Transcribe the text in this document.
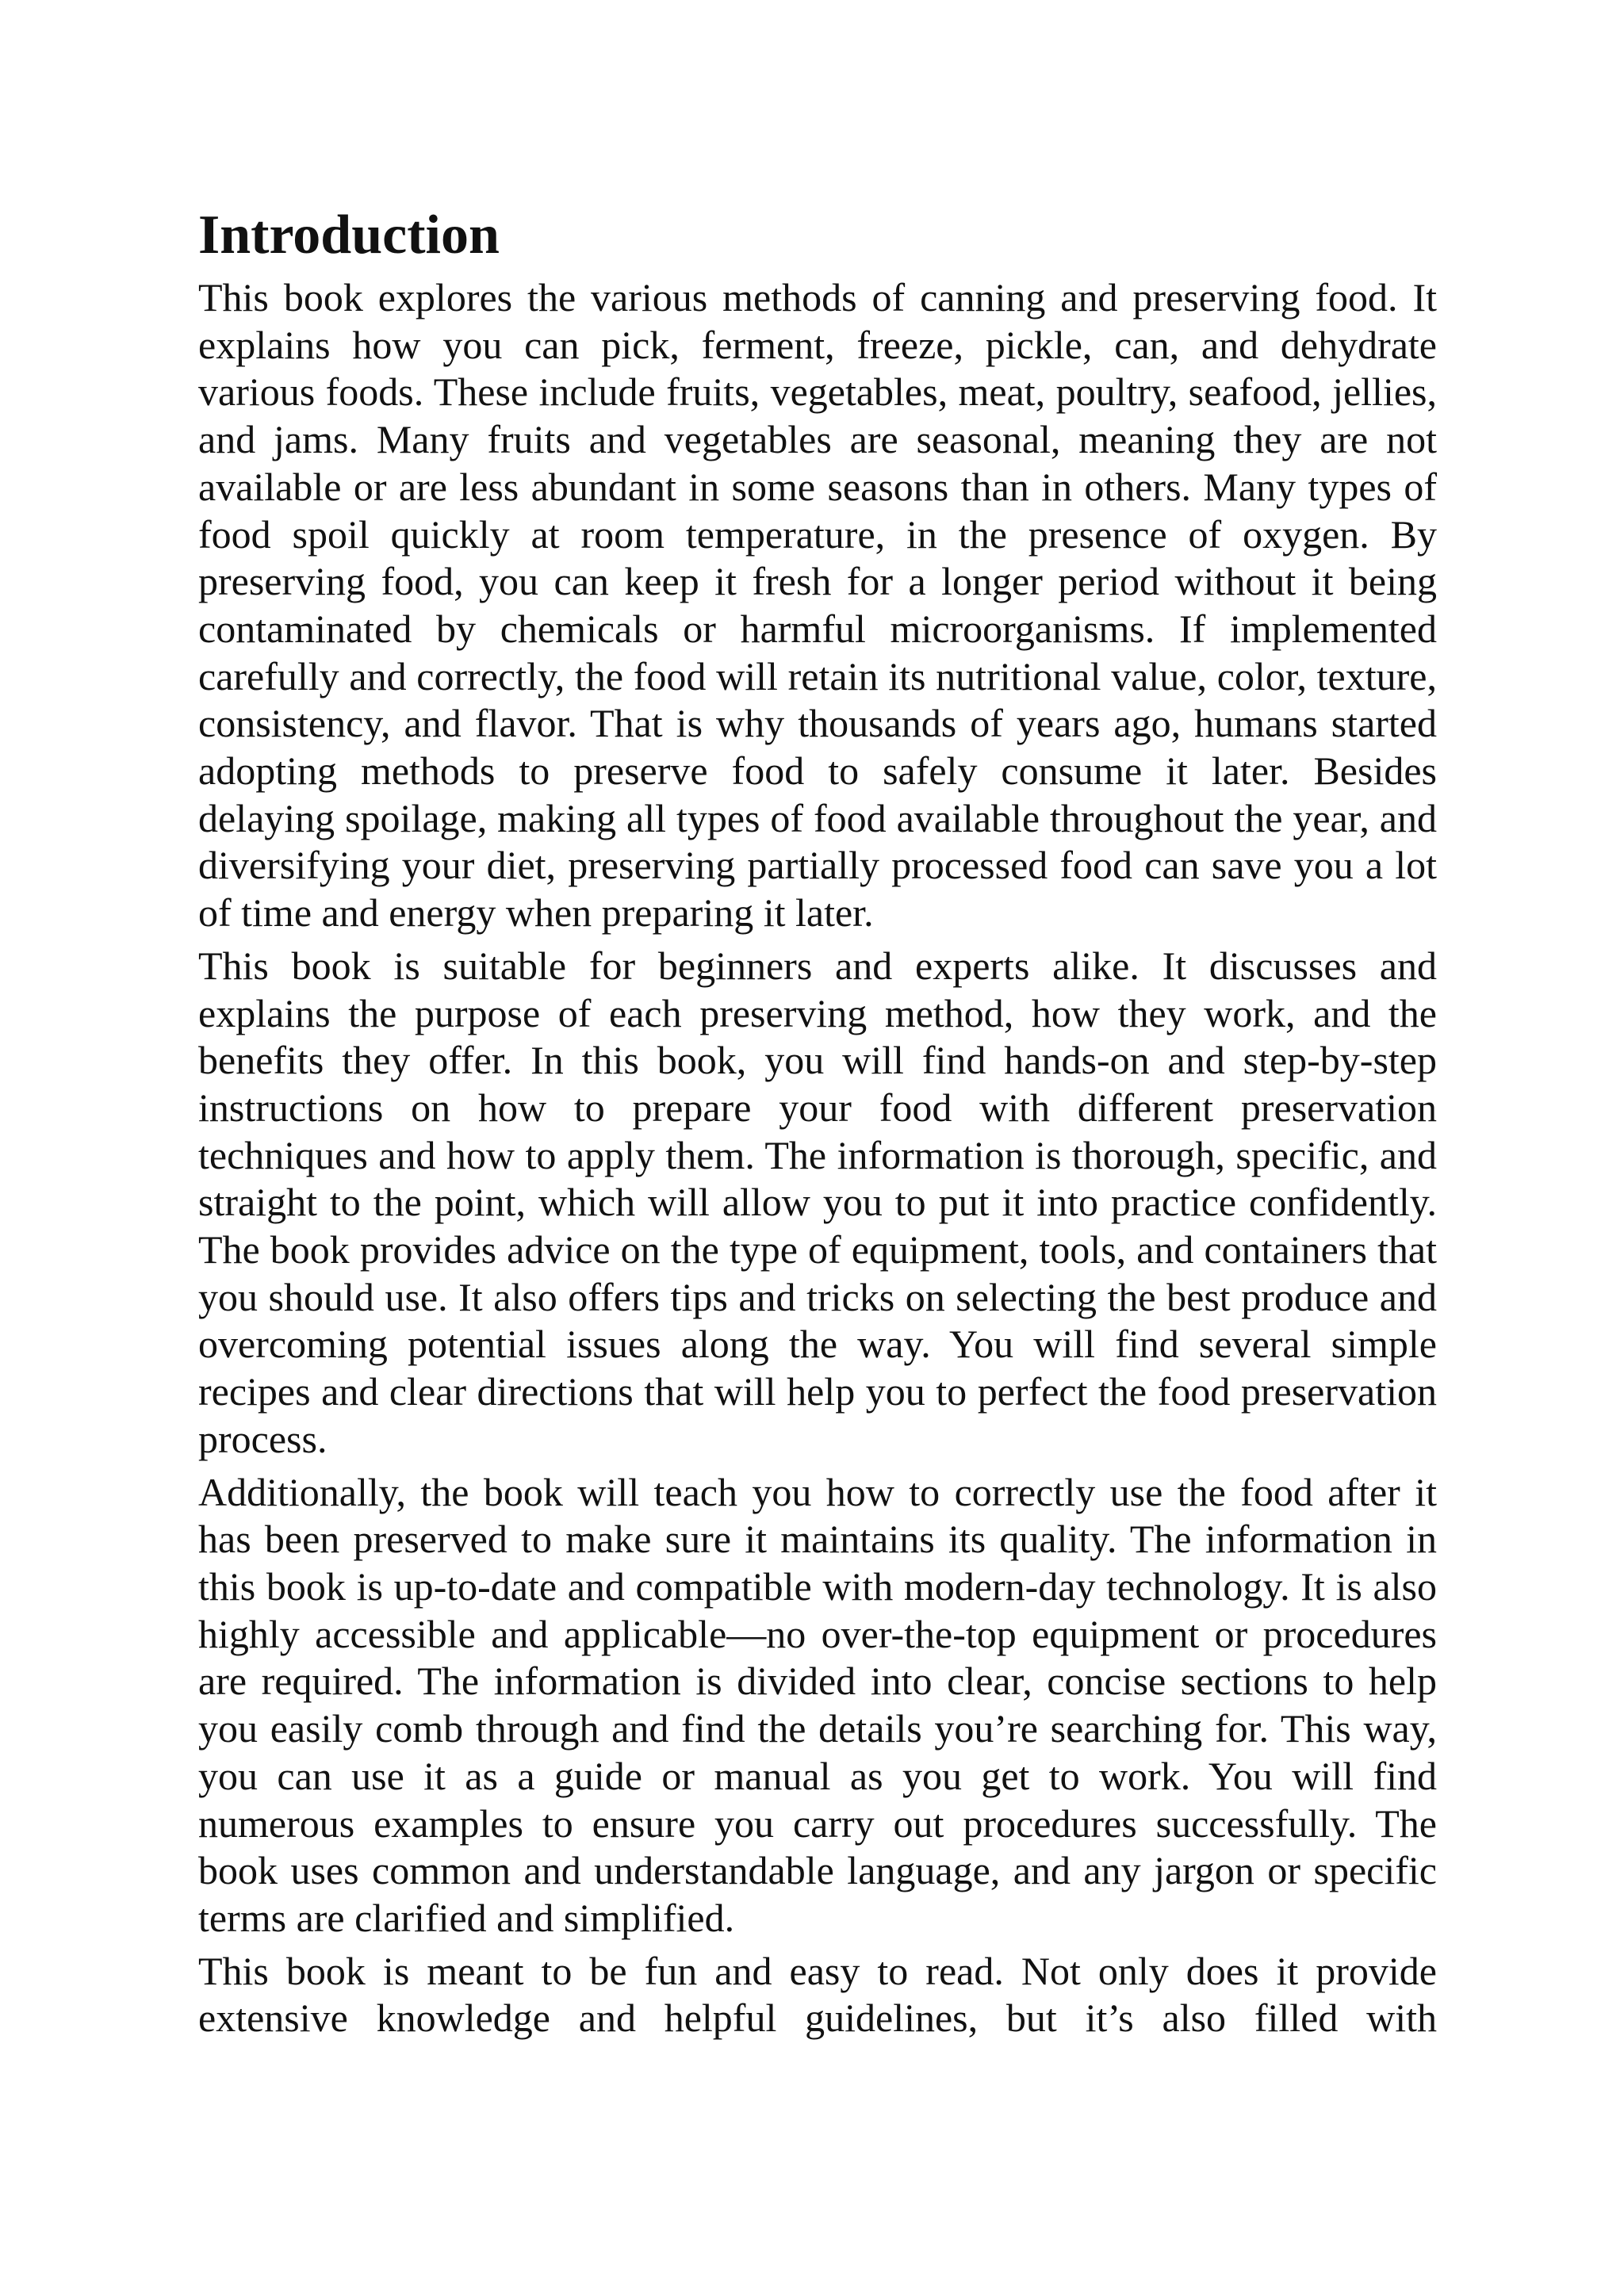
Introduction

This book explores the various methods of canning and preserving food. It explains how you can pick, ferment, freeze, pickle, can, and dehydrate various foods. These include fruits, vegetables, meat, poultry, seafood, jellies, and jams. Many fruits and vegetables are seasonal, meaning they are not available or are less abundant in some seasons than in others. Many types of food spoil quickly at room temperature, in the presence of oxygen. By preserving food, you can keep it fresh for a longer period without it being contaminated by chemicals or harmful microorganisms. If implemented carefully and correctly, the food will retain its nutritional value, color, texture, consistency, and flavor. That is why thousands of years ago, humans started adopting methods to preserve food to safely consume it later. Besides delaying spoilage, making all types of food available throughout the year, and diversifying your diet, preserving partially processed food can save you a lot of time and energy when preparing it later.

This book is suitable for beginners and experts alike. It discusses and explains the purpose of each preserving method, how they work, and the benefits they offer. In this book, you will find hands-on and step-by-step instructions on how to prepare your food with different preservation techniques and how to apply them. The information is thorough, specific, and straight to the point, which will allow you to put it into practice confidently. The book provides advice on the type of equipment, tools, and containers that you should use. It also offers tips and tricks on selecting the best produce and overcoming potential issues along the way. You will find several simple recipes and clear directions that will help you to perfect the food preservation process.

Additionally, the book will teach you how to correctly use the food after it has been preserved to make sure it maintains its quality. The information in this book is up-to-date and compatible with modern-day technology. It is also highly accessible and applicable—no over-the-top equipment or procedures are required. The information is divided into clear, concise sections to help you easily comb through and find the details you’re searching for. This way, you can use it as a guide or manual as you get to work. You will find numerous examples to ensure you carry out procedures successfully. The book uses common and understandable language, and any jargon or specific terms are clarified and simplified.

This book is meant to be fun and easy to read. Not only does it provide extensive knowledge and helpful guidelines, but it’s also filled with
